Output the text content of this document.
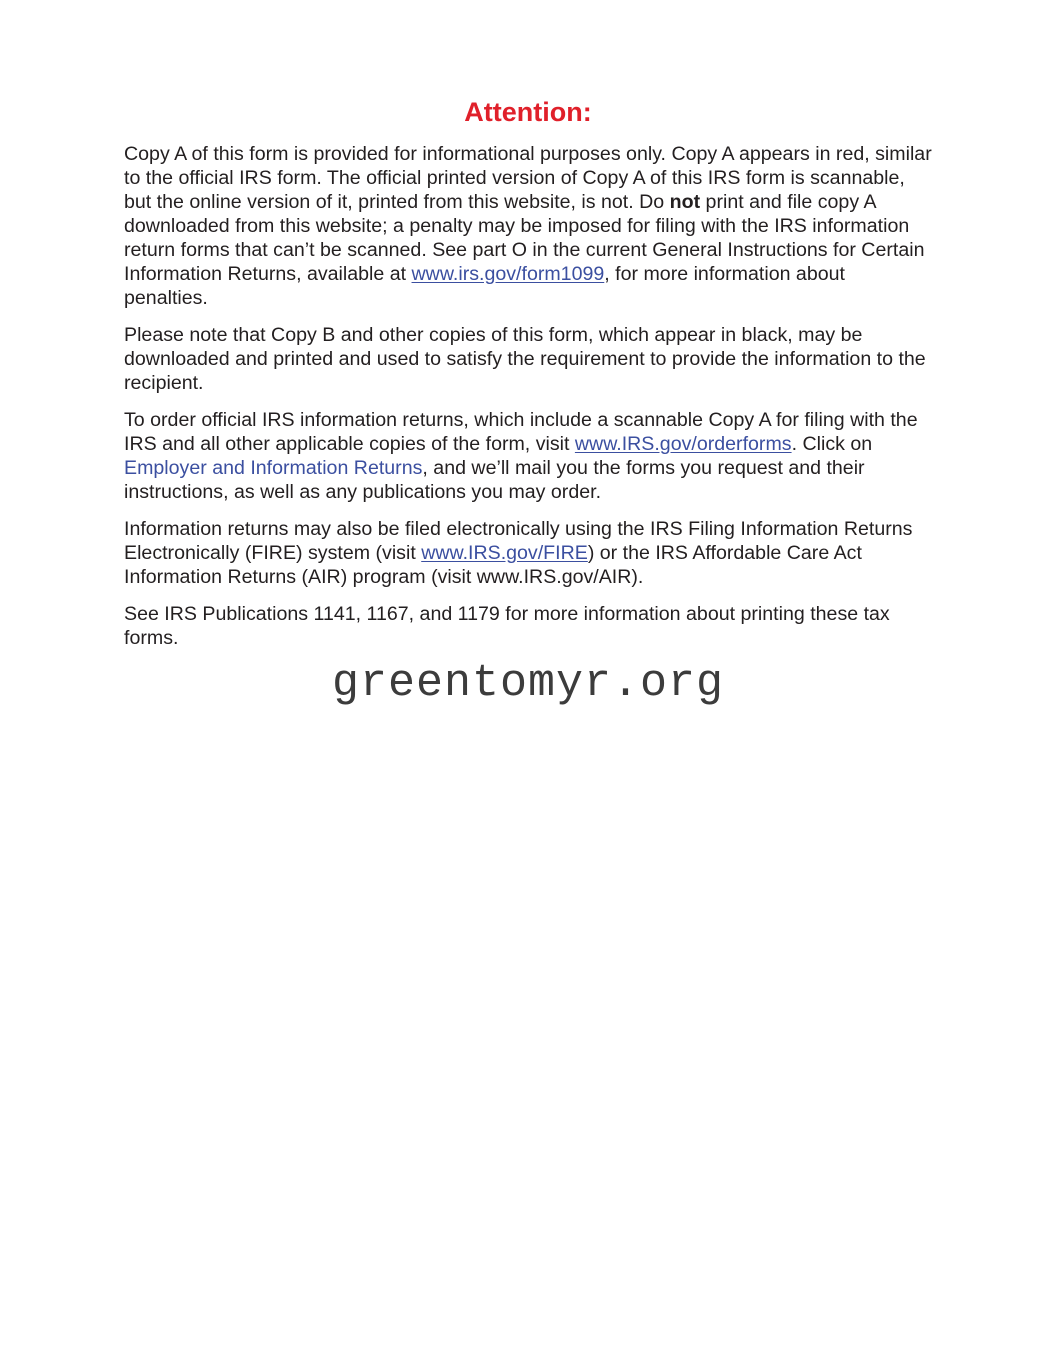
Attention:

Copy A of this form is provided for informational purposes only. Copy A appears in red, similar to the official IRS form. The official printed version of Copy A of this IRS form is scannable, but the online version of it, printed from this website, is not. Do not print and file copy A downloaded from this website; a penalty may be imposed for filing with the IRS information return forms that can’t be scanned. See part O in the current General Instructions for Certain Information Returns, available at www.irs.gov/form1099, for more information about penalties.

Please note that Copy B and other copies of this form, which appear in black, may be downloaded and printed and used to satisfy the requirement to provide the information to the recipient.

To order official IRS information returns, which include a scannable Copy A for filing with the IRS and all other applicable copies of the form, visit www.IRS.gov/orderforms. Click on Employer and Information Returns, and we’ll mail you the forms you request and their instructions, as well as any publications you may order.

Information returns may also be filed electronically using the IRS Filing Information Returns Electronically (FIRE) system (visit www.IRS.gov/FIRE) or the IRS Affordable Care Act Information Returns (AIR) program (visit www.IRS.gov/AIR).

See IRS Publications 1141, 1167, and 1179 for more information about printing these tax forms.

greentomyr.org
